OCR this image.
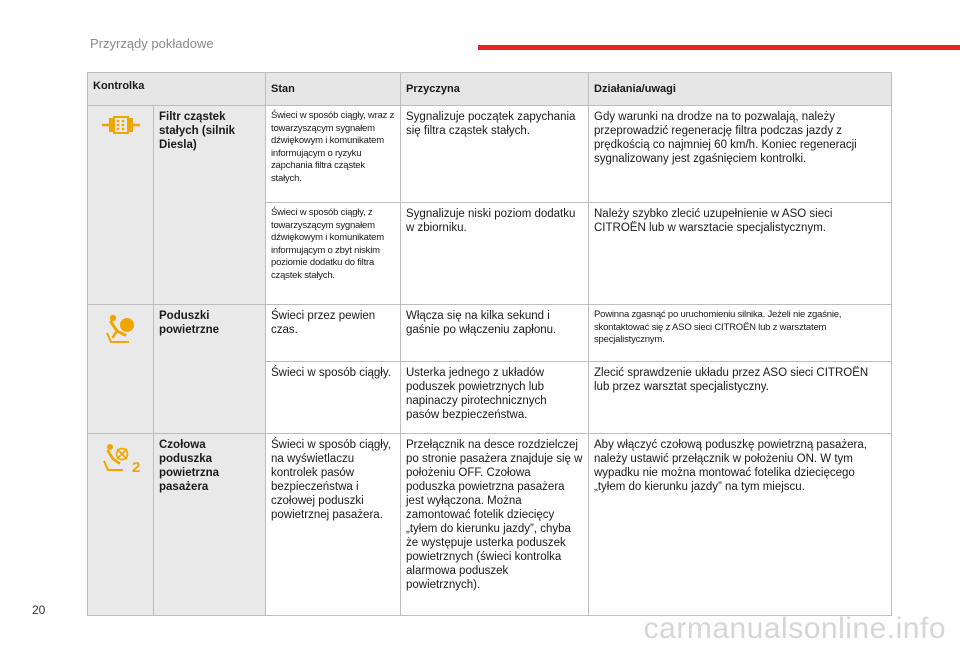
Przyrządy pokładowe
Kontrolka		Stan	Przyczyna	Działania/uwagi

	Filtr cząstek stałych (silnik Diesla)	Świeci w sposób ciągły, wraz z towarzyszącym sygnałem dźwiękowym i komunikatem informującym o ryzyku zapchania filtra cząstek stałych.	Sygnalizuje początek zapychania się filtra cząstek stałych.	Gdy warunki na drodze na to pozwalają, należy przeprowadzić regenerację filtra podczas jazdy z prędkością co najmniej 60 km/h. Koniec regeneracji sygnalizowany jest zgaśnięciem kontrolki.
		Świeci w sposób ciągły, z towarzyszącym sygnałem dźwiękowym i komunikatem informującym o zbyt niskim poziomie dodatku do filtra cząstek stałych.	Sygnalizuje niski poziom dodatku w zbiorniku.	Należy szybko zlecić uzupełnienie w ASO sieci CITROËN lub w warsztacie specjalistycznym.

	Poduszki powietrzne	Świeci przez pewien czas.	Włącza się na kilka sekund i gaśnie po włączeniu zapłonu.	Powinna zgasnąć po uruchomieniu silnika. Jeżeli nie zgaśnie, skontaktować się z ASO sieci CITROËN lub z warsztatem specjalistycznym.
		Świeci w sposób ciągły.	Usterka jednego z układów poduszek powietrznych lub napinaczy pirotechnicznych pasów bezpieczeństwa.	Zlecić sprawdzenie układu przez ASO sieci CITROËN lub przez warsztat specjalistyczny.

2	Czołowa poduszka powietrzna pasażera	Świeci w sposób ciągły, na wyświetlaczu kontrolek pasów bezpieczeństwa i czołowej poduszki powietrznej pasażera.	Przełącznik na desce rozdzielczej po stronie pasażera znajduje się w położeniu OFF. Czołowa poduszka powietrzna pasażera jest wyłączona. Można zamontować fotelik dziecięcy „tyłem do kierunku jazdy”, chyba że występuje usterka poduszek powietrznych (świeci kontrolka alarmowa poduszek powietrznych).	Aby włączyć czołową poduszkę powietrzną pasażera, należy ustawić przełącznik w położeniu ON. W tym wypadku nie można montować fotelika dziecięcego „tyłem do kierunku jazdy” na tym miejscu.
20
carmanualsonline.info
